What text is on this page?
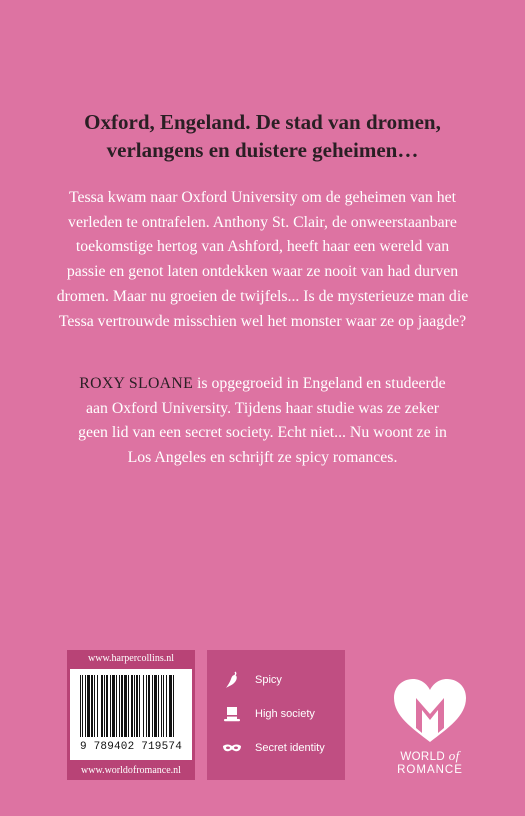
Oxford, Engeland. De stad van dromen,
verlangens en duistere geheimen…
Tessa kwam naar Oxford University om de geheimen van het
verleden te ontrafelen. Anthony St. Clair, de onweerstaanbare
toekomstige hertog van Ashford, heeft haar een wereld van
passie en genot laten ontdekken waar ze nooit van had durven
dromen. Maar nu groeien de twijfels... Is de mysterieuze man die
Tessa vertrouwde misschien wel het monster waar ze op jaagde?
ROXY SLOANE is opgegroeid in Engeland en studeerde
aan Oxford University. Tijdens haar studie was ze zeker
geen lid van een secret society. Echt niet... Nu woont ze in
Los Angeles en schrijft ze spicy romances.
www.harpercollins.nl
9 789402 719574
www.worldofromance.nl
Spicy
High society
Secret identity
WORLD of
ROMANCE
